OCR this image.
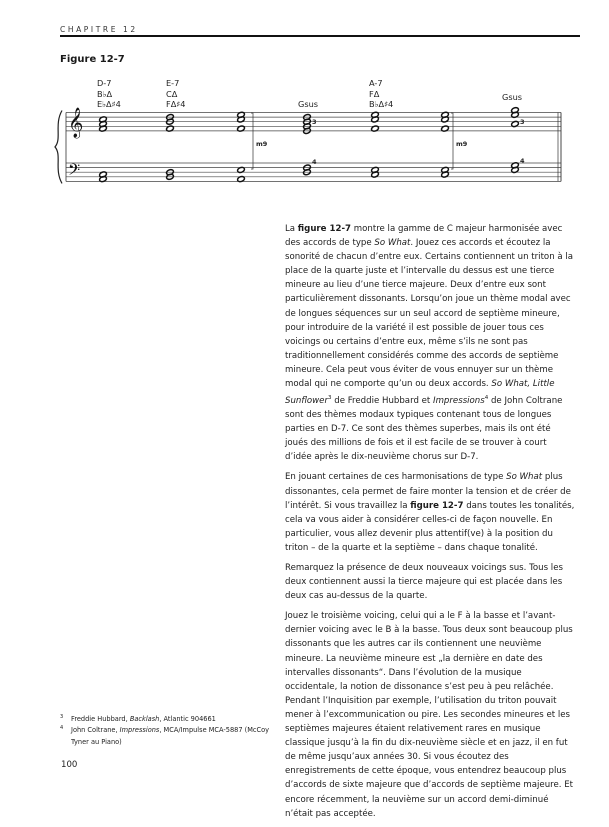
CHAPITRE 12
Figure 12-7
𝄞
𝄢
m9	m9
3
4
3
4
D-7
B♭Δ
E♭Δ♯4
E-7
CΔ
FΔ♯4	Gsus
A-7
FΔ
B♭Δ♯4
Gsus

La figure 12-7 montre la gamme de C majeur harmonisée avec des accords de type So What. Jouez ces accords et écoutez la sonorité de chacun d’entre eux. Certains contiennent un triton à la place de la quarte juste et l’intervalle du dessus est une tierce mineure au lieu d’une tierce majeure. Deux d’entre eux sont particulièrement dissonants. Lorsqu’on joue un thème modal avec de longues séquences sur un seul accord de septième mineure, pour introduire de la variété il est possible de jouer tous ces voicings ou certains d’entre eux, même s’ils ne sont pas traditionnellement considérés comme des accords de septième mineure. Cela peut vous éviter de vous ennuyer sur un thème modal qui ne comporte qu’un ou deux accords. So What, Little Sunflower$^3$ de Freddie Hubbard et Impressions$^4$ de John Coltrane sont des thèmes modaux typiques contenant tous de longues parties en D-7. Ce sont des thèmes superbes, mais ils ont été joués des millions de fois et il est facile de se trouver à court d’idée après le dix-neuvième chorus sur D-7.

En jouant certaines de ces harmonisations de type So What plus dissonantes, cela permet de faire monter la tension et de créer de l’intérêt. Si vous travaillez la figure 12-7 dans toutes les tonalités, cela va vous aider à considérer celles-ci de façon nouvelle. En particulier, vous allez devenir plus attentif(ve) à la position du triton – de la quarte et la septième – dans chaque tonalité.

Remarquez la présence de deux nouveaux voicings sus. Tous les deux contiennent aussi la tierce majeure qui est placée dans les deux cas au-dessus de la quarte.

Jouez le troisième voicing, celui qui a le F à la basse et l’avant-dernier voicing avec le B à la basse. Tous deux sont beaucoup plus dissonants que les autres car ils contiennent une neuvième mineure. La neuvième mineure est „la dernière en date des intervalles dissonants“. Dans l’évolution de la musique occidentale, la notion de dissonance s’est peu à peu relâchée. Pendant l’Inquisition par exemple, l’utilisation du triton pouvait mener à l’excommunication ou pire. Les secondes mineures et les septièmes majeures étaient relativement rares en musique classique jusqu’à la fin du dix-neuvième siècle et en jazz, il en fut de même jusqu’aux années 30. Si vous écoutez des enregistrements de cette époque, vous entendrez beaucoup plus d’accords de sixte majeure que d’accords de septième majeure. Et encore récemment, la neuvième sur un accord demi-diminué n’était pas acceptée.

3 Freddie Hubbard, Backlash, Atlantic 904661
4 John Coltrane, Impressions, MCA/Impulse MCA-5887 (McCoy Tyner au Piano)
100
